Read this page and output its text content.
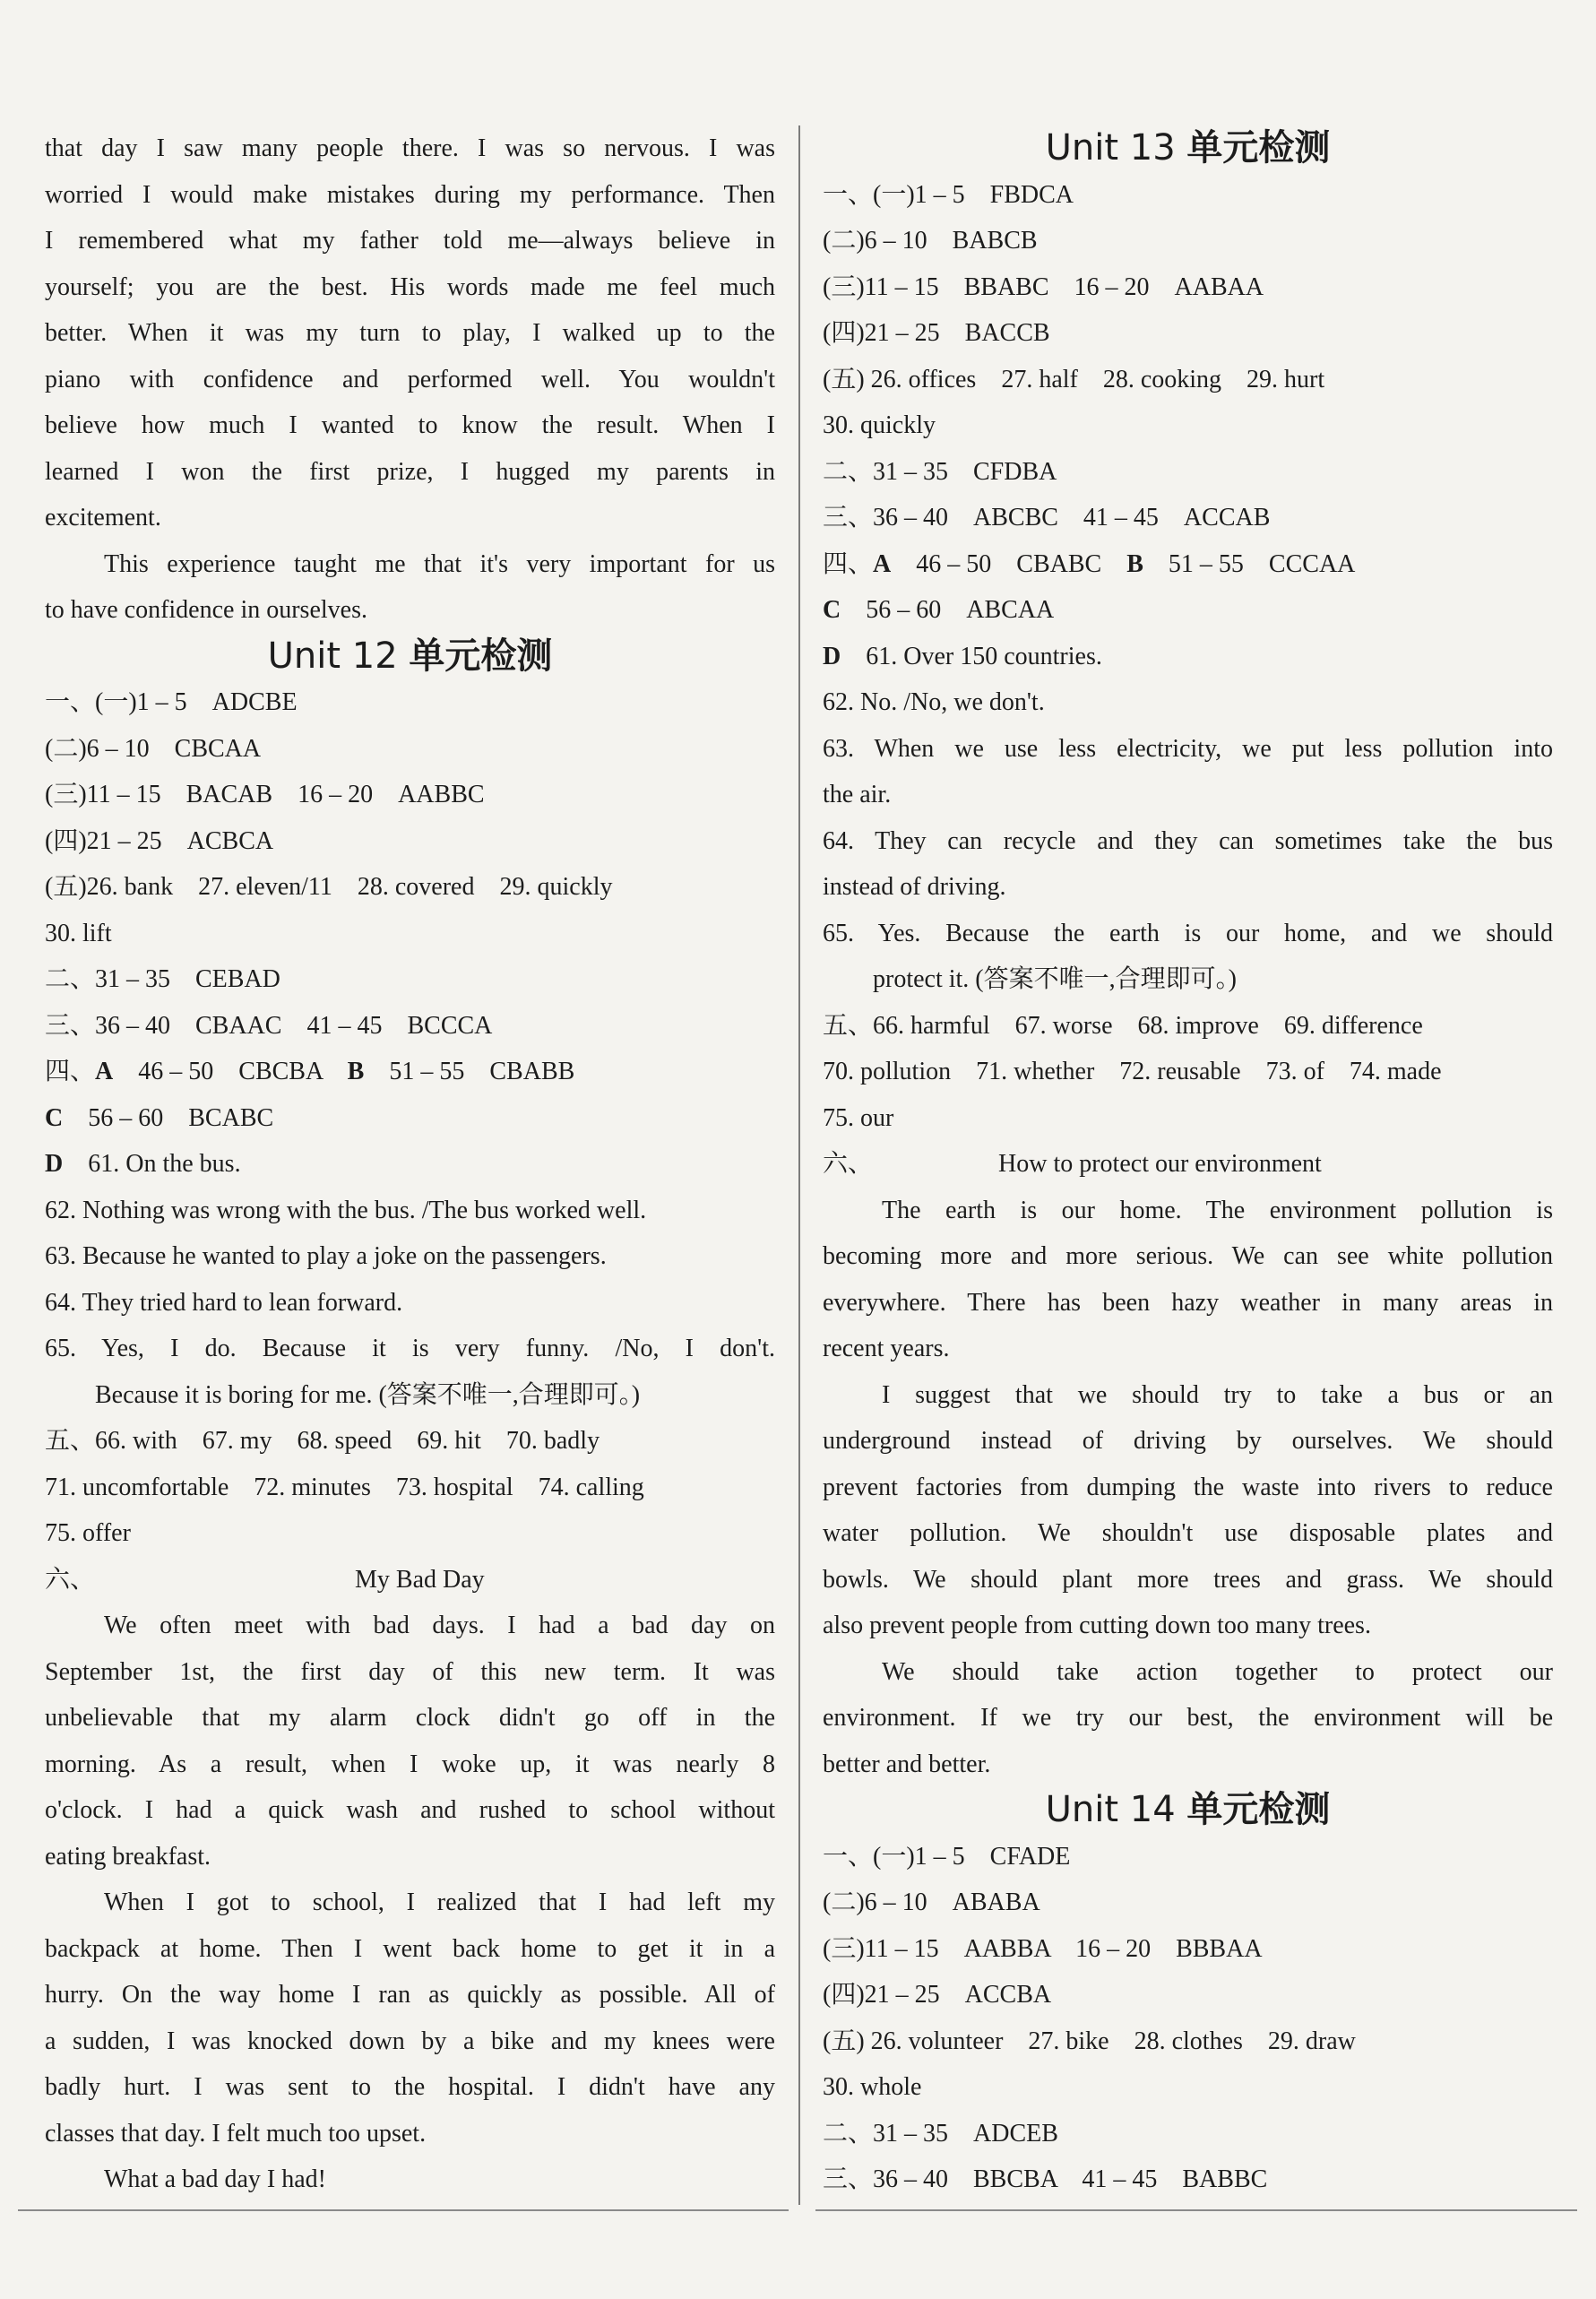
that day I saw many people there. I was so nervous. I was
worried I would make mistakes during my performance. Then
I remembered what my father told me—always believe in
yourself; you are the best. His words made me feel much
better. When it was my turn to play, I walked up to the
piano with confidence and performed well. You wouldn't
believe how much I wanted to know the result. When I
learned I won the first prize, I hugged my parents in
excitement.
This experience taught me that it's very important for us
to have confidence in ourselves.
Unit 12 单元检测
一、(一)1 – 5　ADCBE
(二)6 – 10　CBCAA
(三)11 – 15　BACAB　16 – 20　AABBC
(四)21 – 25　ACBCA
(五)26. bank　27. eleven/11　28. covered　29. quickly
30. lift
二、31 – 35　CEBAD
三、36 – 40　CBAAC　41 – 45　BCCCA
四、A　 46 – 50　CBCBA　 B　 51 – 55　CBABB
C　 56 – 60　BCABC
D　 61. On the bus.
62. Nothing was wrong with the bus. /The bus worked well.
63. Because he wanted to play a joke on the passengers.
64. They tried hard to lean forward.
65. Yes, I do. Because it is very funny. /No, I don't.
Because it is boring for me. (答案不唯一,合理即可。)
五、66. with　67. my　68. speed　69. hit　70. badly
71. uncomfortable　72. minutes　73. hospital　74. calling
75. offer
六、	My Bad Day
We often meet with bad days. I had a bad day on
September 1st, the first day of this new term. It was
unbelievable that my alarm clock didn't go off in the
morning. As a result, when I woke up, it was nearly 8
o'clock. I had a quick wash and rushed to school without
eating breakfast.
When I got to school, I realized that I had left my
backpack at home. Then I went back home to get it in a
hurry. On the way home I ran as quickly as possible. All of
a sudden, I was knocked down by a bike and my knees were
badly hurt. I was sent to the hospital. I didn't have any
classes that day. I felt much too upset.
What a bad day I had!
Unit 13 单元检测
一、(一)1 – 5　FBDCA
(二)6 – 10　BABCB
(三)11 – 15　BBABC　16 – 20　AABAA
(四)21 – 25　BACCB
(五) 26. offices　27. half　28. cooking　29. hurt
30. quickly
二、31 – 35　CFDBA
三、36 – 40　ABCBC　41 – 45　ACCAB
四、A　 46 – 50　CBABC　 B　 51 – 55　CCCAA
C　 56 – 60　ABCAA
D　 61. Over 150 countries.
62. No. /No, we don't.
63. When we use less electricity, we put less pollution into
the air.
64. They can recycle and they can sometimes take the bus
instead of driving.
65. Yes. Because the earth is our home, and we should
protect it. (答案不唯一,合理即可。)
五、66. harmful　67. worse　68. improve　69. difference
70. pollution　71. whether　72. reusable　73. of　74. made
75. our
六、	How to protect our environment
The earth is our home. The environment pollution is
becoming more and more serious. We can see white pollution
everywhere. There has been hazy weather in many areas in
recent years.
I suggest that we should try to take a bus or an
underground instead of driving by ourselves. We should
prevent factories from dumping the waste into rivers to reduce
water pollution. We shouldn't use disposable plates and
bowls. We should plant more trees and grass. We should
also prevent people from cutting down too many trees.
We should take action together to protect our
environment. If we try our best, the environment will be
better and better.
Unit 14 单元检测
一、(一)1 – 5　CFADE
(二)6 – 10　ABABA
(三)11 – 15　AABBA　16 – 20　BBBAA
(四)21 – 25　ACCBA
(五) 26. volunteer　27. bike　28. clothes　29. draw
30. whole
二、31 – 35　ADCEB
三、36 – 40　BBCBA　41 – 45　BABBC
